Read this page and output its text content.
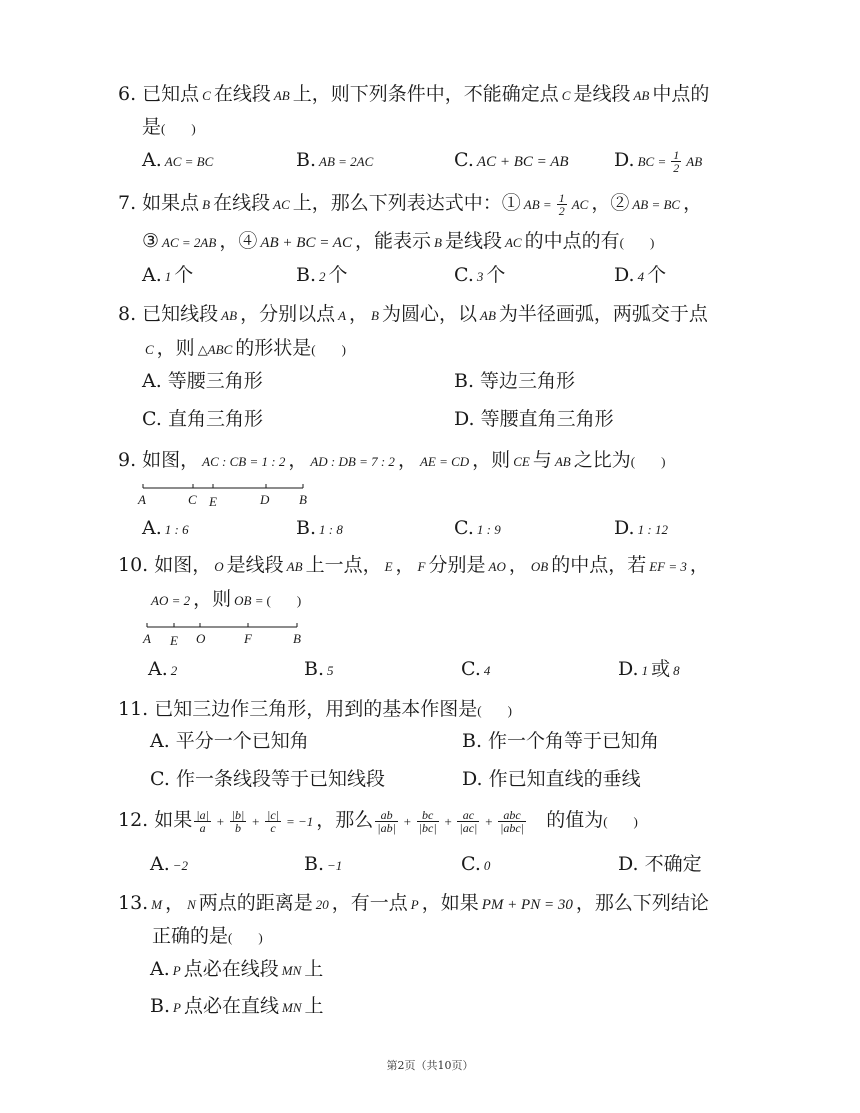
6. 已知点 C 在线段 AB 上，则下列条件中，不能确定点 C 是线段 AB 中点的
是(　　)
A. AC = BC	B. AB = 2AC	C. AC + BC = AB D. BC = $\frac{1}{2}$ AB
7. 如果点 B 在线段 AC 上，那么下列表达式中：① AB = $\frac{1}{2}$ AC ，② AB = BC ，
③ AC = 2AB ，④ AB + BC = AC ，能表示 B 是线段 AC 的中点的有(　　)
A. 1 个	B. 2 个	C. 3 个	D. 4 个
8. 已知线段 AB ，分别以点 A ， B 为圆心，以 AB 为半径画弧，两弧交于点
C ，则 △ABC 的形状是(　　)
A. 等腰三角形	B. 等边三角形
C. 直角三角形	D. 等腰直角三角形
9. 如图， AC : CB = 1 : 2 ， AD : DB = 7 : 2 ， AE = CD ，则 CE 与 AB 之比为(　　)
A	C E	D B
A. 1 : 6	B. 1 : 8	C. 1 : 9	D. 1 : 12
10. 如图， O 是线段 AB 上一点， E ， F 分别是 AO ， OB 的中点，若 EF = 3 ，
AO = 2 ，则 OB = (　　)
A E O	F	B
A. 2	B. 5	C. 4	D. 1 或 8
11. 已知三边作三角形，用到的基本作图是(　　)
A. 平分一个已知角	B. 作一个角等于已知角
C. 作一条线段等于已知线段	D. 作已知直线的垂线
12. 如果 $\frac{|a|}{a} + \frac{|b|}{b} + \frac{|c|}{c} = -1$ ，那么 $\frac{ab}{|ab|} + \frac{bc}{|bc|} + \frac{ac}{|ac|} + \frac{\text{abc}}{\text{|abc|}}$ 的值为(　　)
A. −2	B. −1	C. 0	D. 不确定
13. M ， N 两点的距离是 20 ，有一点 P ，如果 PM + PN = 30 ，那么下列结论
正确的是(　　)
A. P 点必在线段 MN 上
B. P 点必在直线 MN 上
第2页（共10页）
